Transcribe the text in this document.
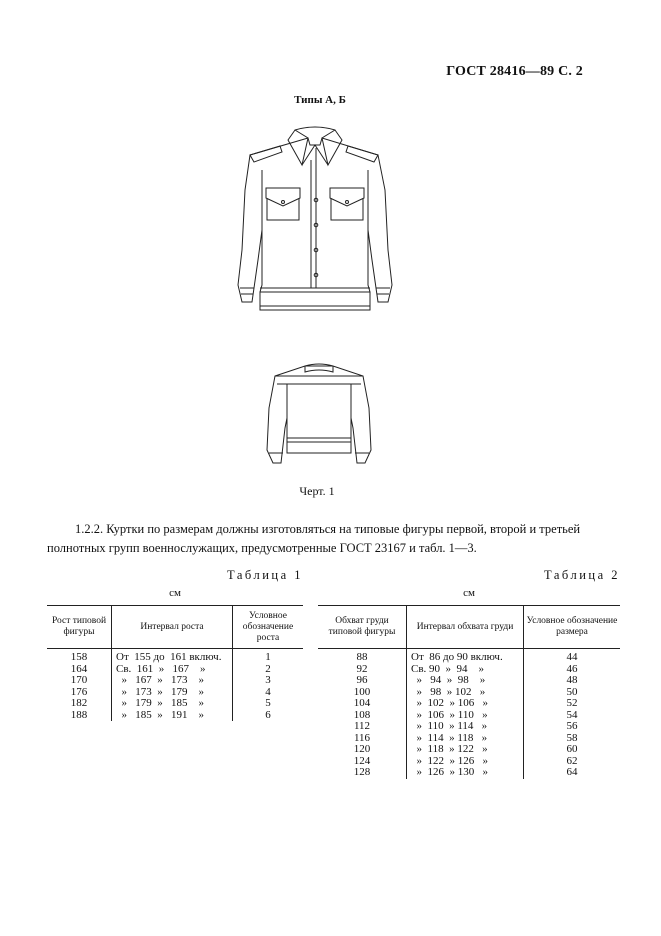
ГОСТ 28416—89 С. 2
Типы А, Б
Черт. 1
1.2.2. Куртки по размерам должны изготовляться на типовые фигуры первой, второй и третьей
полнотных групп военнослужащих, предусмотренные ГОСТ 23167 и табл. 1—3.
Таблица 1
см
Рост типовой фигуры	Интервал роста	Условное обозначение роста
158	От  155 до  161 включ.	1
164	Св.  161  »   167    »	2
170	»   167  »   173    »	3
176	»   173  »   179    »	4
182	»   179  »   185    »	5
188	»   185  »   191    »	6
Таблица 2
см
Обхват груди типовой фигуры	Интервал обхвата груди	Условное обозначение размера
88	От  86 до 90 включ.	44
92	Св. 90  »  94    »	46
96	»   94  »  98    »	48
100	»   98  » 102   »	50
104	»  102  » 106   »	52
108	»  106  » 110   »	54
112	»  110  » 114   »	56
116	»  114  » 118   »	58
120	»  118  » 122   »	60
124	»  122  » 126   »	62
128	»  126  » 130   »	64
